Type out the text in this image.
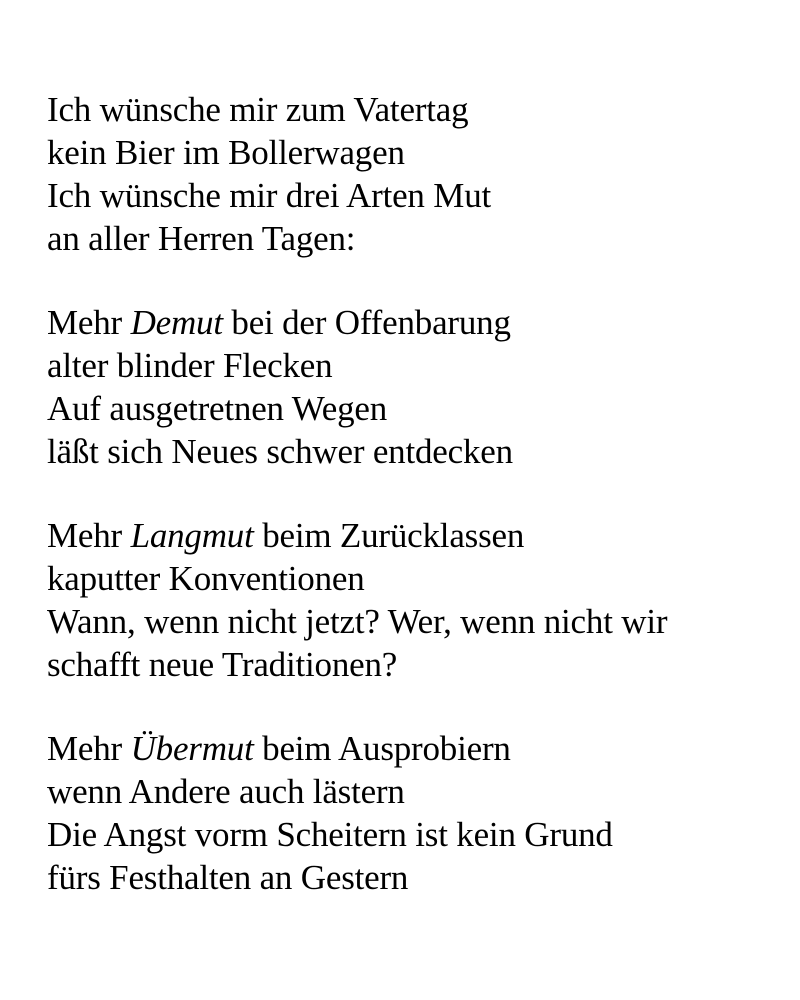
Ich wünsche mir zum Vatertag
kein Bier im Bollerwagen
Ich wünsche mir drei Arten Mut
an aller Herren Tagen:
Mehr Demut bei der Offenbarung
alter blinder Flecken
Auf ausgetretnen Wegen
läßt sich Neues schwer entdecken
Mehr Langmut beim Zurücklassen
kaputter Konventionen
Wann, wenn nicht jetzt? Wer, wenn nicht wir
schafft neue Traditionen?
Mehr Übermut beim Ausprobiern
wenn Andere auch lästern
Die Angst vorm Scheitern ist kein Grund
fürs Festhalten an Gestern
